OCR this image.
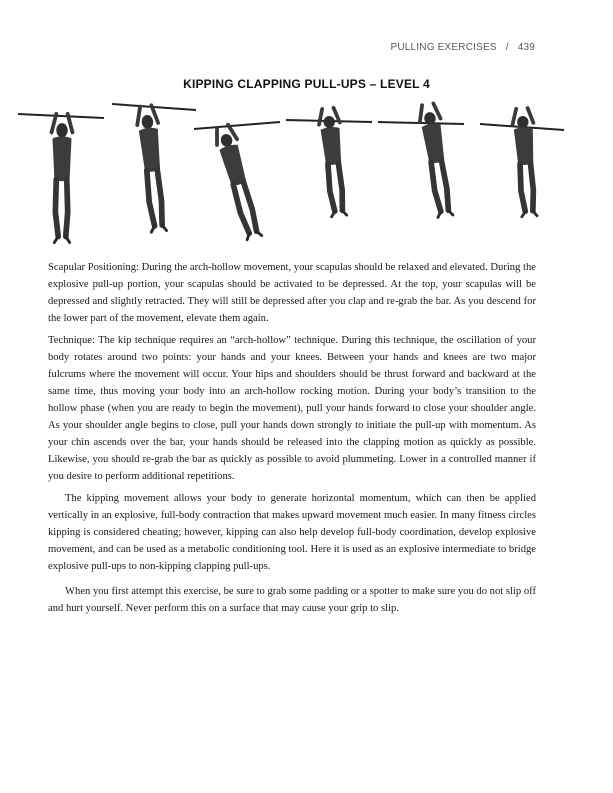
PULLING EXERCISES / 439
KIPPING CLAPPING PULL-UPS – LEVEL 4

Scapular Positioning: During the arch-hollow movement, your scapulas should be relaxed and elevated. During the explosive pull-up portion, your scapulas should be activated to be depressed. At the top, your scapulas will be depressed and slightly retracted. They will still be depressed after you clap and re-grab the bar. As you descend for the lower part of the movement, elevate them again.

Technique: The kip technique requires an “arch-hollow” technique. During this technique, the oscillation of your body rotates around two points: your hands and your knees. Between your hands and knees are two major fulcrums where the movement will occur. Your hips and shoulders should be thrust forward and backward at the same time, thus moving your body into an arch-hollow rocking motion. During your body’s transition to the hollow phase (when you are ready to begin the movement), pull your hands forward to close your shoulder angle. As your shoulder angle begins to close, pull your hands down strongly to initiate the pull-up with momentum. As your chin ascends over the bar, your hands should be released into the clapping motion as quickly as possible. Likewise, you should re-grab the bar as quickly as possible to avoid plummeting. Lower in a controlled manner if you desire to perform additional repetitions.

The kipping movement allows your body to generate horizontal momentum, which can then be applied vertically in an explosive, full-body contraction that makes upward movement much easier. In many fitness circles kipping is considered cheating; however, kipping can also help develop full-body coordination, develop explosive movement, and can be used as a metabolic conditioning tool. Here it is used as an explosive intermediate to bridge explosive pull-ups to non-kipping clapping pull-ups.

When you first attempt this exercise, be sure to grab some padding or a spotter to make sure you do not slip off and hurt yourself. Never perform this on a surface that may cause your grip to slip.
